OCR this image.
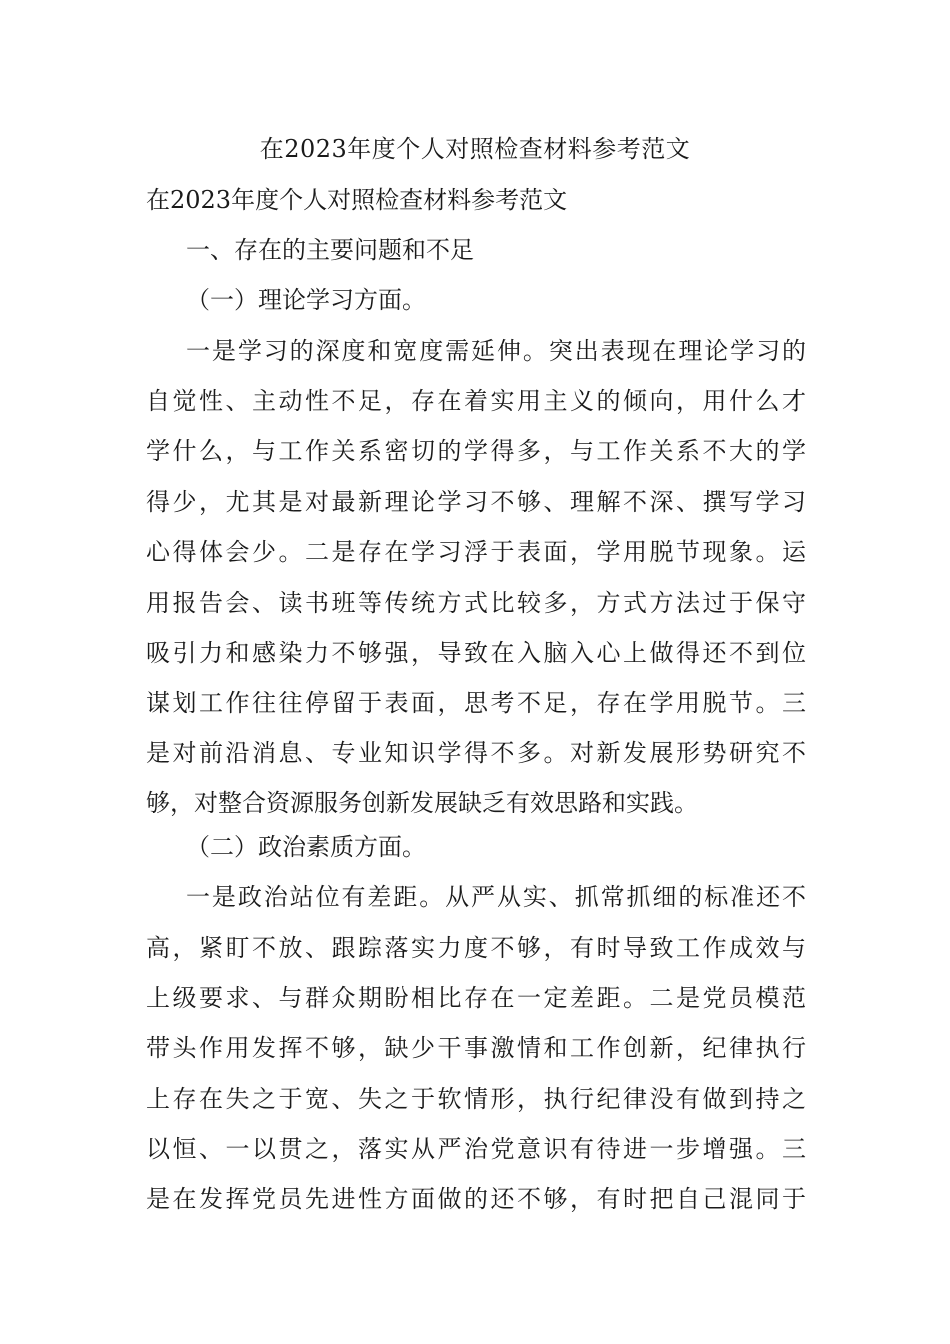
在2023年度个人对照检查材料参考范文
在2023年度个人对照检查材料参考范文
一、存在的主要问题和不足
（一）理论学习方面。
一是学习的深度和宽度需延伸。突出表现在理论学习的
自觉性、主动性不足，存在着实用主义的倾向，用什么才
学什么，与工作关系密切的学得多，与工作关系不大的学
得少，尤其是对最新理论学习不够、理解不深、撰写学习
心得体会少。二是存在学习浮于表面，学用脱节现象。运
用报告会、读书班等传统方式比较多，方式方法过于保守
吸引力和感染力不够强，导致在入脑入心上做得还不到位
谋划工作往往停留于表面，思考不足，存在学用脱节。三
是对前沿消息、专业知识学得不多。对新发展形势研究不
够，对整合资源服务创新发展缺乏有效思路和实践。
（二）政治素质方面。
一是政治站位有差距。从严从实、抓常抓细的标准还不
高，紧盯不放、跟踪落实力度不够，有时导致工作成效与
上级要求、与群众期盼相比存在一定差距。二是党员模范
带头作用发挥不够，缺少干事激情和工作创新，纪律执行
上存在失之于宽、失之于软情形，执行纪律没有做到持之
以恒、一以贯之，落实从严治党意识有待进一步增强。三
是在发挥党员先进性方面做的还不够，有时把自己混同于
